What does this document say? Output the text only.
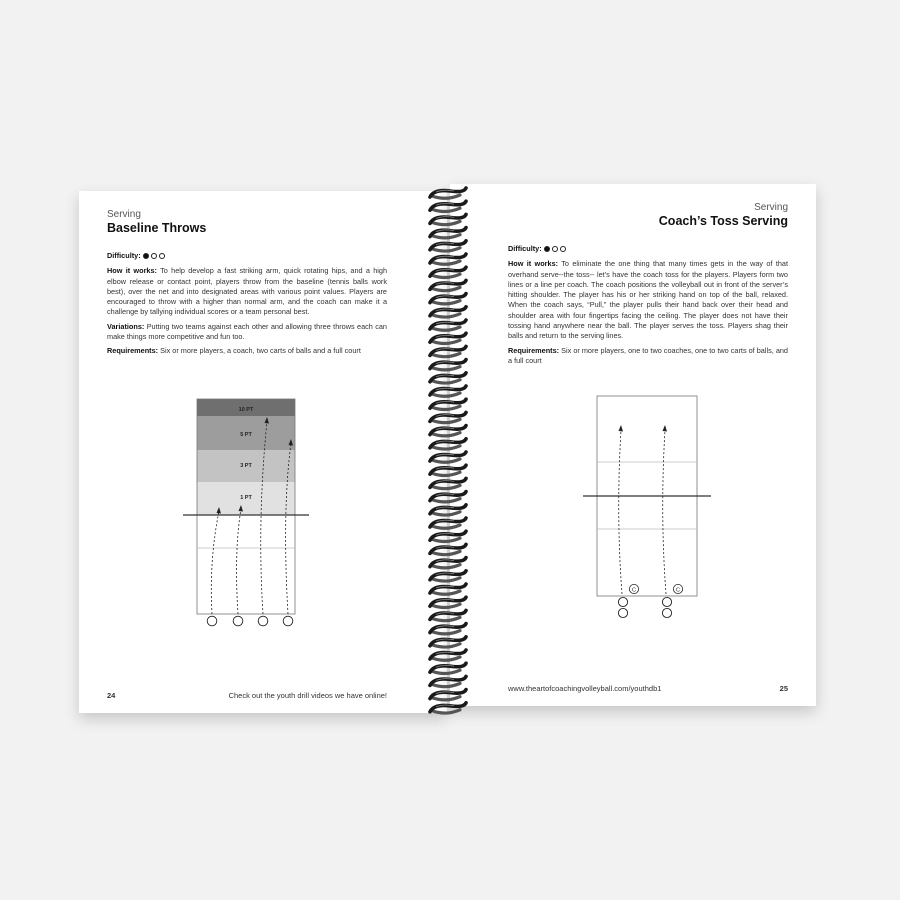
Serving
Baseline Throws

Difficulty:

How it works: To help develop a fast striking arm, quick rotating hips, and a high elbow release or contact point, players throw from the baseline (tennis balls work best), over the net and into designated areas with various point values. Players are encouraged to throw with a higher than normal arm, and the coach can make it a challenge by tallying individual scores or a team personal best.

Variations: Putting two teams against each other and allowing three throws each can make things more competitive and fun too.

Requirements: Six or more players, a coach, two carts of balls and a full court

10 PT
5 PT
3 PT
1 PT
24	Check out the youth drill videos we have online!
Serving
Coach’s Toss Serving

Difficulty:

How it works: To eliminate the one thing that many times gets in the way of that overhand serve--the toss-- let’s have the coach toss for the players. Players form two lines or a line per coach. The coach positions the volleyball out in front of the server’s hitting shoulder. The player has his or her striking hand on top of the ball, relaxed. When the coach says, “Pull,” the player pulls their hand back over their head and shoulder area with four fingertips facing the ceiling. The player does not have their tossing hand anywhere near the ball. The player serves the toss. Players shag their balls and return to the serving lines.

Requirements: Six or more players, one to two coaches, one to two carts of balls, and a full court

C	C
www.theartofcoachingvolleyball.com/youthdb1	25
